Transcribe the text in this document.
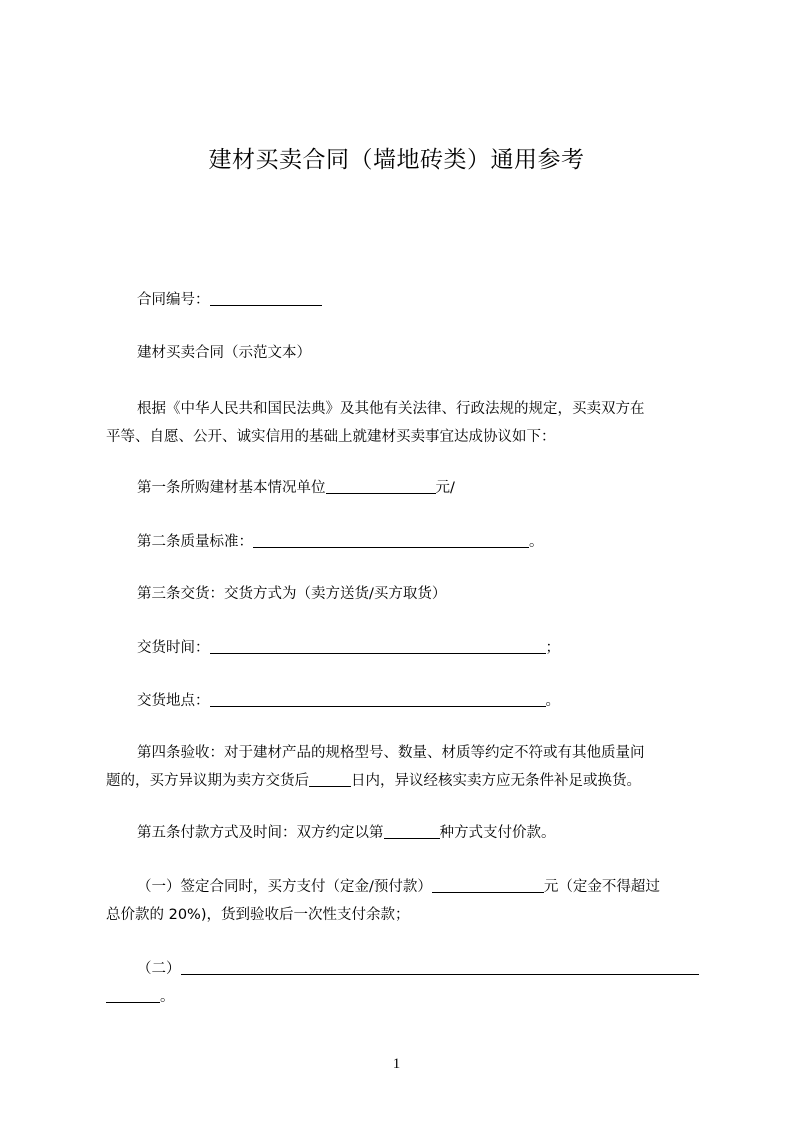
建材买卖合同（墙地砖类）通用参考
合同编号：
建材买卖合同（示范文本）
根据《中华人民共和国民法典》及其他有关法律、行政法规的规定，买卖双方在
平等、自愿、公开、诚实信用的基础上就建材买卖事宜达成协议如下：
第一条所购建材基本情况单位	元/
第二条质量标准：	。
第三条交货：交货方式为（卖方送货/买方取货）
交货时间：	；
交货地点：	。
第四条验收：对于建材产品的规格型号、数量、材质等约定不符或有其他质量问
题的，买方异议期为卖方交货后	日内，异议经核实卖方应无条件补足或换货。
第五条付款方式及时间：双方约定以第	种方式支付价款。
（一）签定合同时，买方支付（定金/预付款）	元（定金不得超过
总价款的 20%)，货到验收后一次性支付余款；
（二）
。
1
